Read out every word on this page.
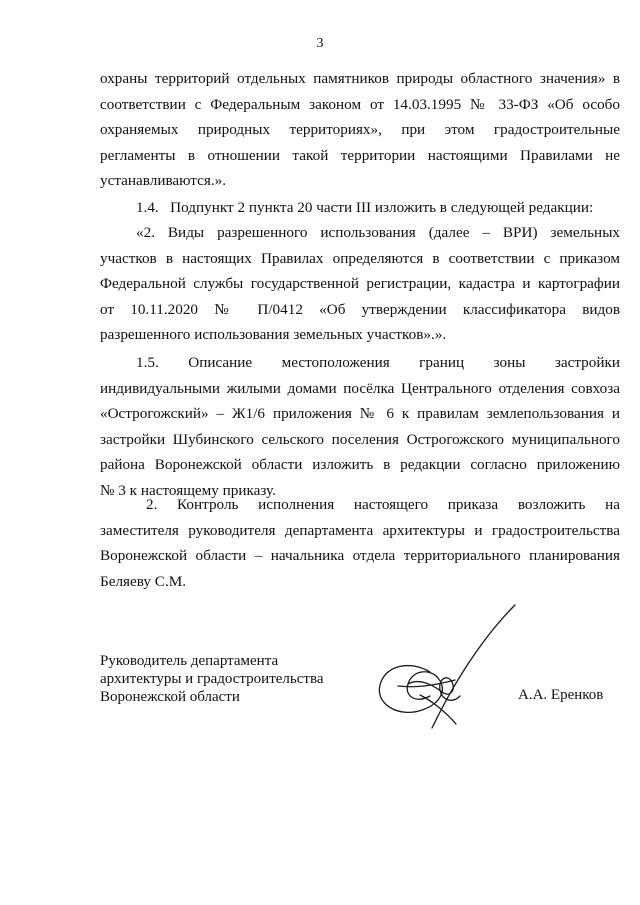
3
охраны территорий отдельных памятников природы областного значения» в
соответствии с Федеральным законом от 14.03.1995 № 33-ФЗ «Об особо
охраняемых природных территориях», при этом градостроительные
регламенты в отношении такой территории настоящими Правилами не
устанавливаются.».
1.4.   Подпункт 2 пункта 20 части III изложить в следующей редакции:
«2. Виды разрешенного использования (далее – ВРИ) земельных
участков в настоящих Правилах определяются в соответствии с приказом
Федеральной службы государственной регистрации, кадастра и картографии
от 10.11.2020 № П/0412 «Об утверждении классификатора видов
разрешенного использования земельных участков».».
1.5. Описание местоположения границ зоны застройки
индивидуальными жилыми домами посёлка Центрального отделения совхоза
«Острогожский» – Ж1/6 приложения № 6 к правилам землепользования и
застройки Шубинского сельского поселения Острогожского муниципального
района Воронежской области изложить в редакции согласно приложению
№ 3 к настоящему приказу.
2. Контроль исполнения настоящего приказа возложить на
заместителя руководителя департамента архитектуры и градостроительства
Воронежской области – начальника отдела территориального планирования
Беляеву С.М.
Руководитель департамента
архитектуры и градостроительства
Воронежской области	А.А. Еренков
